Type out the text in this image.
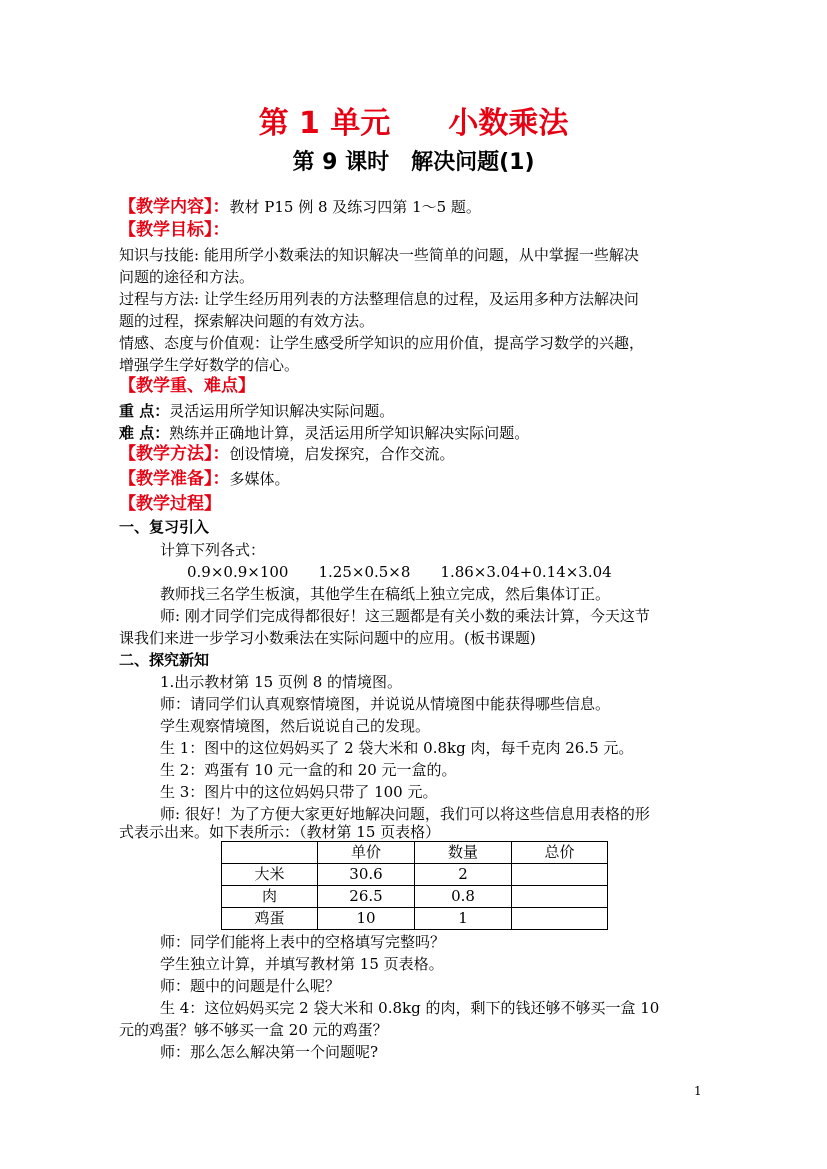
第 1 单元 小数乘法
第 9 课时 解决问题(1)
【教学内容】：教材 P15 例 8 及练习四第 1～5 题。
【教学目标】：
知识与技能: 能用所学小数乘法的知识解决一些简单的问题，从中掌握一些解决
问题的途径和方法。
过程与方法: 让学生经历用列表的方法整理信息的过程，及运用多种方法解决问
题的过程，探索解决问题的有效方法。
情感、态度与价值观：让学生感受所学知识的应用价值，提高学习数学的兴趣，
增强学生学好数学的信心。
【教学重、难点】
重 点：灵活运用所学知识解决实际问题。
难 点：熟练并正确地计算，灵活运用所学知识解决实际问题。
【教学方法】：创设情境，启发探究，合作交流。
【教学准备】：多媒体。
【教学过程】
一、复习引入
计算下列各式：
0.9×0.9×100　　1.25×0.5×8　　1.86×3.04+0.14×3.04
教师找三名学生板演，其他学生在稿纸上独立完成，然后集体订正。
师: 刚才同学们完成得都很好！这三题都是有关小数的乘法计算，今天这节
课我们来进一步学习小数乘法在实际问题中的应用。(板书课题)
二、探究新知
1.出示教材第 15 页例 8 的情境图。
师：请同学们认真观察情境图，并说说从情境图中能获得哪些信息。
学生观察情境图，然后说说自己的发现。
生 1：图中的这位妈妈买了 2 袋大米和 0.8kg 肉，每千克肉 26.5 元。
生 2：鸡蛋有 10 元一盒的和 20 元一盒的。
生 3：图片中的这位妈妈只带了 100 元。
师: 很好！为了方便大家更好地解决问题，我们可以将这些信息用表格的形
式表示出来。如下表所示：（教材第 15 页表格）
	单价	数量	总价
大米	30.6	2	
肉	26.5	0.8	
鸡蛋	10	1	
师：同学们能将上表中的空格填写完整吗？
学生独立计算，并填写教材第 15 页表格。
师：题中的问题是什么呢？
生 4：这位妈妈买完 2 袋大米和 0.8kg 的肉，剩下的钱还够不够买一盒 10
元的鸡蛋？够不够买一盒 20 元的鸡蛋？
师：那么怎么解决第一个问题呢?
1
